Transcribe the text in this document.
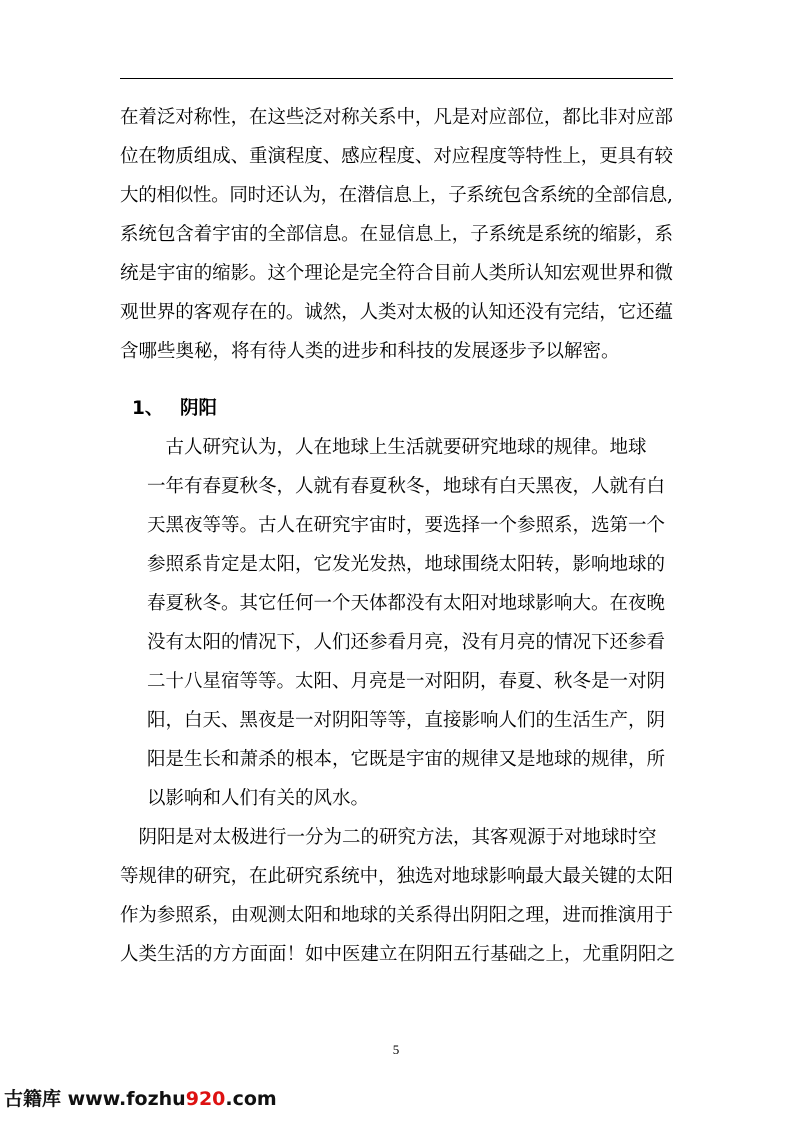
在着泛对称性，在这些泛对称关系中，凡是对应部位，都比非对应部
位在物质组成、重演程度、感应程度、对应程度等特性上，更具有较
大的相似性。同时还认为，在潜信息上，子系统包含系统的全部信息,
系统包含着宇宙的全部信息。在显信息上，子系统是系统的缩影，系
统是宇宙的缩影。这个理论是完全符合目前人类所认知宏观世界和微
观世界的客观存在的。诚然，人类对太极的认知还没有完结，它还蕴
含哪些奥秘，将有待人类的进步和科技的发展逐步予以解密。
1、 阴阳
　古人研究认为，人在地球上生活就要研究地球的规律。地球
一年有春夏秋冬，人就有春夏秋冬，地球有白天黑夜，人就有白
天黑夜等等。古人在研究宇宙时，要选择一个参照系，选第一个
参照系肯定是太阳，它发光发热，地球围绕太阳转，影响地球的
春夏秋冬。其它任何一个天体都没有太阳对地球影响大。在夜晚
没有太阳的情况下，人们还参看月亮，没有月亮的情况下还参看
二十八星宿等等。太阳、月亮是一对阳阴，春夏、秋冬是一对阴
阳，白天、黑夜是一对阴阳等等，直接影响人们的生活生产，阴
阳是生长和萧杀的根本，它既是宇宙的规律又是地球的规律，所
以影响和人们有关的风水。
　阴阳是对太极进行一分为二的研究方法，其客观源于对地球时空
等规律的研究，在此研究系统中，独选对地球影响最大最关键的太阳
作为参照系，由观测太阳和地球的关系得出阴阳之理，进而推演用于
人类生活的方方面面！如中医建立在阴阳五行基础之上，尤重阴阳之
5
古籍库 www.fozhu920.com
